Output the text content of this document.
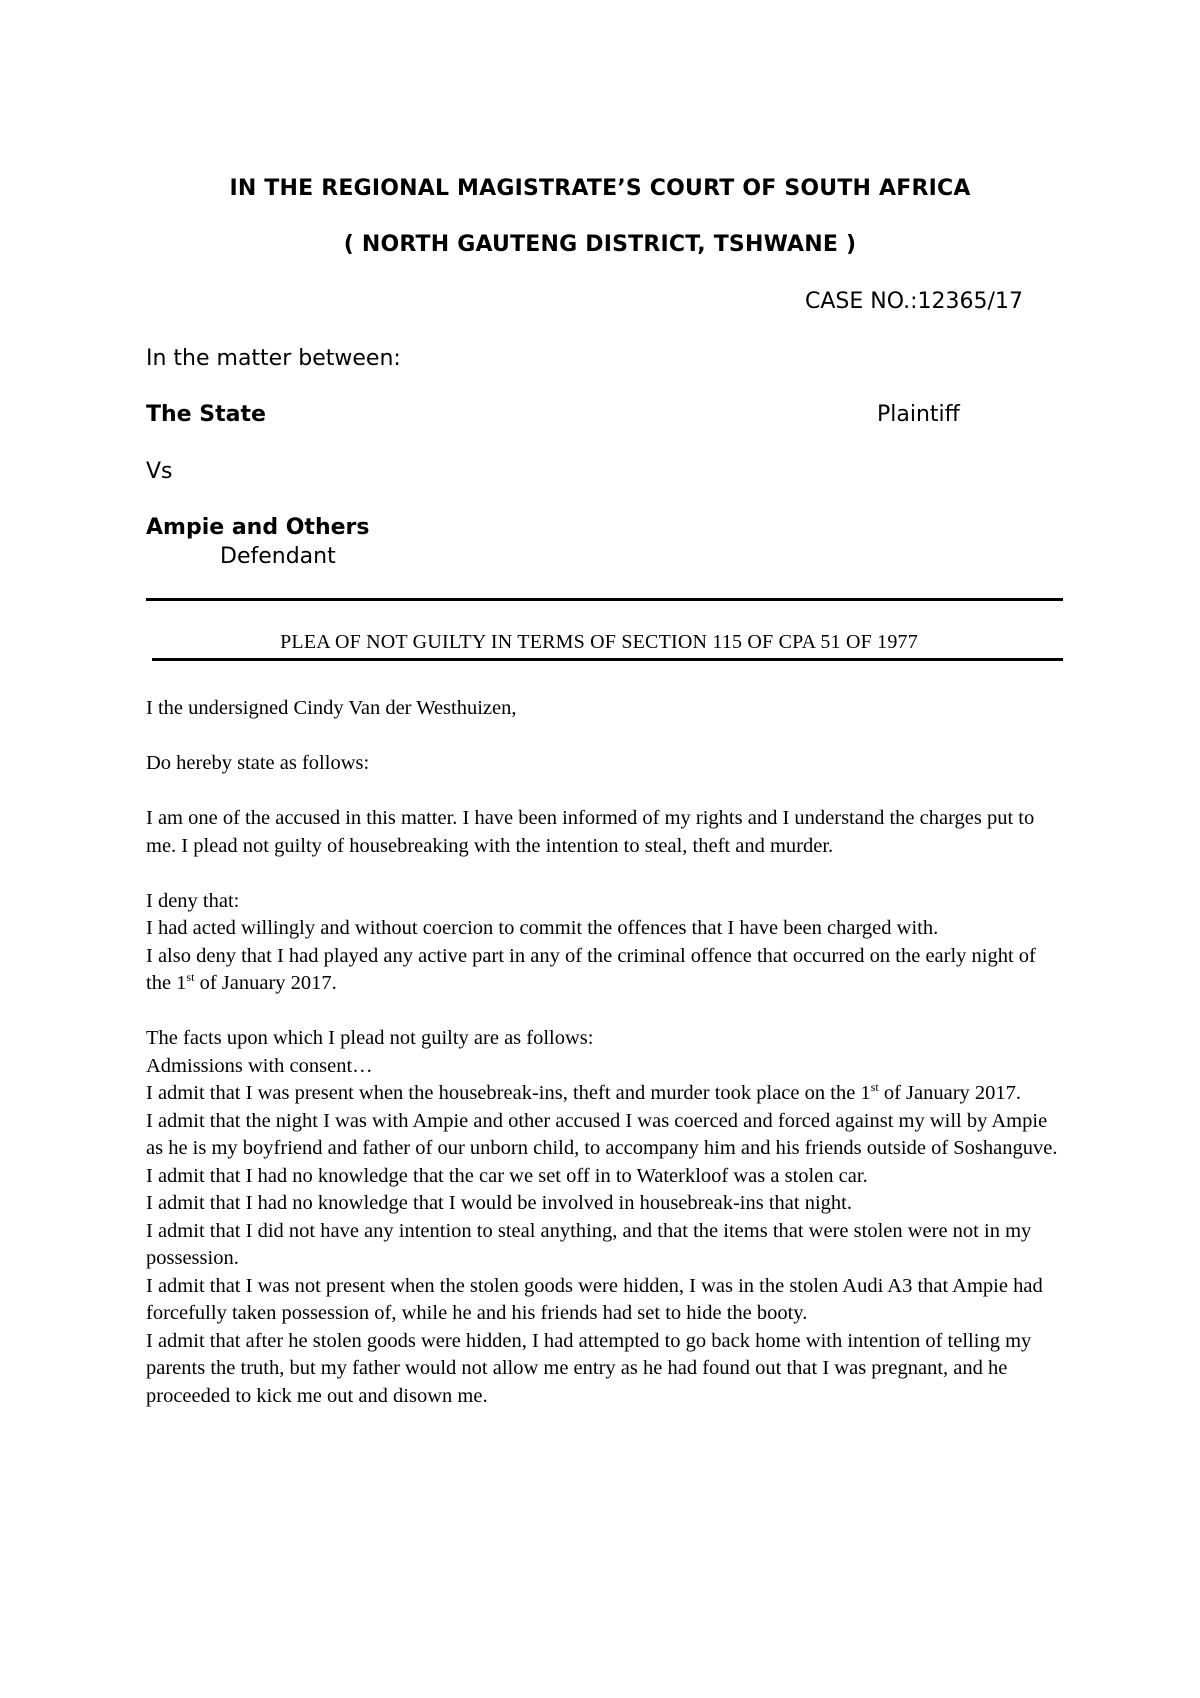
IN THE REGIONAL MAGISTRATE’S COURT OF SOUTH AFRICA
( NORTH GAUTENG DISTRICT, TSHWANE )
CASE NO.:12365/17
In the matter between:
The State	Plaintiff
Vs
Ampie and Others
Defendant
PLEA OF NOT GUILTY IN TERMS OF SECTION 115 OF CPA 51 OF 1977

I the undersigned Cindy Van der Westhuizen,

Do hereby state as follows:

I am one of the accused in this matter. I have been informed of my rights and I understand the charges put to me. I plead not guilty of housebreaking with the intention to steal, theft and murder.

I deny that:

I had acted willingly and without coercion to commit the offences that I have been charged with.

I also deny that I had played any active part in any of the criminal offence that occurred on the early night of the 1st of January 2017.

The facts upon which I plead not guilty are as follows:

Admissions with consent…

I admit that I was present when the housebreak-ins, theft and murder took place on the 1st of January 2017.

I admit that the night I was with Ampie and other accused I was coerced and forced against my will by Ampie as he is my boyfriend and father of our unborn child, to accompany him and his friends outside of Soshanguve.

I admit that I had no knowledge that the car we set off in to Waterkloof was a stolen car.

I admit that I had no knowledge that I would be involved in housebreak-ins that night.

I admit that I did not have any intention to steal anything, and that the items that were stolen were not in my possession.

I admit that I was not present when the stolen goods were hidden, I was in the stolen Audi A3 that Ampie had forcefully taken possession of, while he and his friends had set to hide the booty.

I admit that after he stolen goods were hidden, I had attempted to go back home with intention of telling my parents the truth, but my father would not allow me entry as he had found out that I was pregnant, and he proceeded to kick me out and disown me.
